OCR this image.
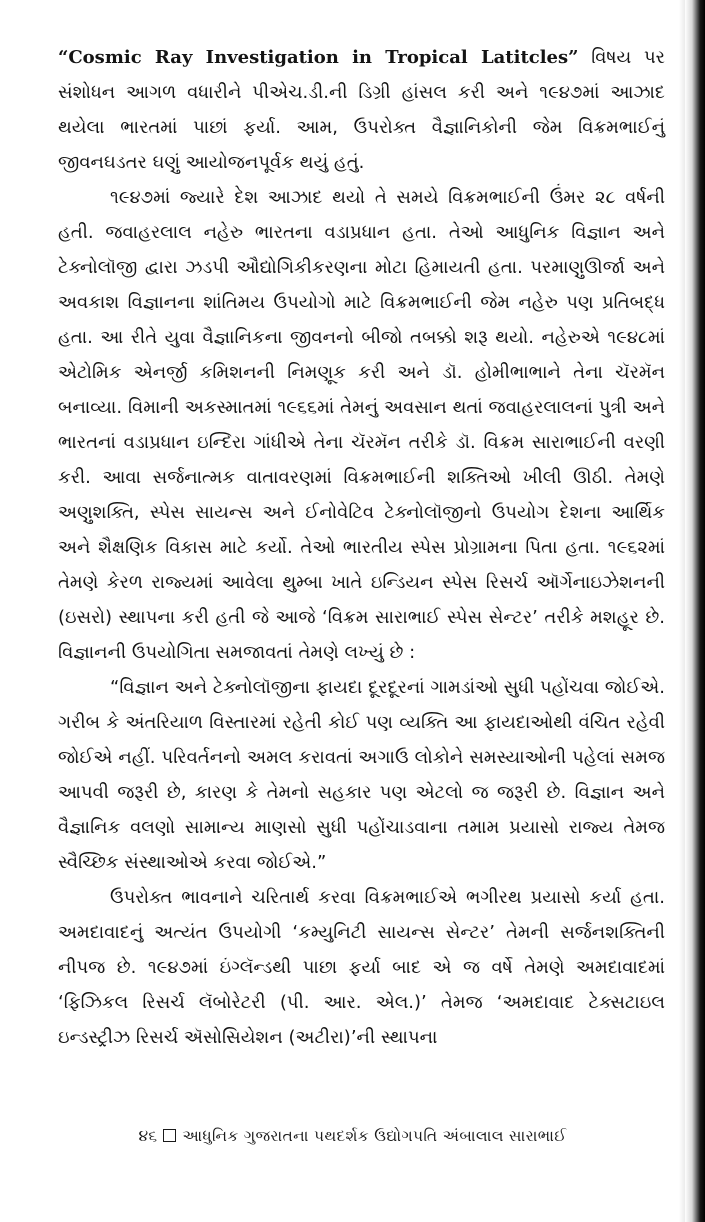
“Cosmic Ray Investigation in Tropical Latitcles” વિષય પર સંશોધન આગળ વધારીને પીએચ.ડી.ની ડિગ્રી હાંસલ કરી અને ૧૯૪૭માં આઝાદ થયેલા ભારતમાં પાછાં ફર્યા. આમ, ઉપરોક્ત વૈજ્ઞાનિકોની જેમ વિક્રમભાઈનું જીવનઘડતર ઘણું આયોજનપૂર્વક થયું હતું.

૧૯૪૭માં જ્યારે દેશ આઝાદ થયો તે સમયે વિક્રમભાઈની ઉંમર ૨૮ વર્ષની હતી. જવાહરલાલ નહેરુ ભારતના વડાપ્રધાન હતા. તેઓ આધુનિક વિજ્ઞાન અને ટેક્નોલૉજી દ્વારા ઝડપી ઔદ્યોગિકીકરણના મોટા હિમાયતી હતા. પરમાણુઊર્જા અને અવકાશ વિજ્ઞાનના શાંતિમય ઉપયોગો માટે વિક્રમભાઈની જેમ નહેરુ પણ પ્રતિબદ્ધ હતા. આ રીતે યુવા વૈજ્ઞાનિકના જીવનનો બીજો તબક્કો શરૂ થયો. નહેરુએ ૧૯૪૮માં એટોમિક એનર્જી કમિશનની નિમણૂક કરી અને ડૉ. હોમીભાભાને તેના ચૅરમૅન બનાવ્યા. વિમાની અકસ્માતમાં ૧૯૬૬માં તેમનું અવસાન થતાં જવાહરલાલનાં પુત્રી અને ભારતનાં વડાપ્રધાન ઇન્દિરા ગાંધીએ તેના ચૅરમૅન તરીકે ડૉ. વિક્રમ સારાભાઈની વરણી કરી. આવા સર્જનાત્મક વાતાવરણમાં વિક્રમભાઈની શક્તિઓ ખીલી ઊઠી. તેમણે અણુશક્તિ, સ્પેસ સાયન્સ અને ઈનોવેટિવ ટેક્નોલૉજીનો ઉપયોગ દેશના આર્થિક અને શૈક્ષણિક વિકાસ માટે કર્યો. તેઓ ભારતીય સ્પેસ પ્રોગ્રામના પિતા હતા. ૧૯૬૨માં તેમણે કેરળ રાજ્યમાં આવેલા થુમ્બા ખાતે ઇન્ડિયન સ્પેસ રિસર્ચ ઑર્ગેનાઇઝેશનની (ઇસરો) સ્થાપના કરી હતી જે આજે ‘વિક્રમ સારાભાઈ સ્પેસ સેન્ટર’ તરીકે મશહૂર છે. વિજ્ઞાનની ઉપયોગિતા સમજાવતાં તેમણે લખ્યું છે :

“વિજ્ઞાન અને ટેક્નોલૉજીના ફાયદા દૂરદૂરનાં ગામડાંઓ સુધી પહોંચવા જોઈએ. ગરીબ કે અંતરિયાળ વિસ્તારમાં રહેતી કોઈ પણ વ્યક્તિ આ ફાયદાઓથી વંચિત રહેવી જોઈએ નહીં. પરિવર્તનનો અમલ કરાવતાં અગાઉ લોકોને સમસ્યાઓની પહેલાં સમજ આપવી જરૂરી છે, કારણ કે તેમનો સહકાર પણ એટલો જ જરૂરી છે. વિજ્ઞાન અને વૈજ્ઞાનિક વલણો સામાન્ય માણસો સુધી પહોંચાડવાના તમામ પ્રયાસો રાજ્ય તેમજ સ્વૈચ્છિક સંસ્થાઓએ કરવા જોઈએ.”

ઉપરોક્ત ભાવનાને ચરિતાર્થ કરવા વિક્રમભાઈએ ભગીરથ પ્રયાસો કર્યા હતા. અમદાવાદનું અત્યંત ઉપયોગી ‘કમ્યુનિટી સાયન્સ સેન્ટર’ તેમની સર્જનશક્તિની નીપજ છે. ૧૯૪૭માં ઇંગ્લૅન્ડથી પાછા ફર્યા બાદ એ જ વર્ષે તેમણે અમદાવાદમાં ‘ફિઝિકલ રિસર્ચ લૅબોરેટરી (પી. આર. એલ.)’ તેમજ ‘અમદાવાદ ટેક્સટાઇલ ઇન્ડસ્ટ્રીઝ રિસર્ચ ઍસોસિયેશન (અટીરા)’ની સ્થાપના

૪૬ આધુનિક ગુજરાતના પથદર્શક ઉદ્યોગપતિ અંબાલાલ સારાભાઈ
